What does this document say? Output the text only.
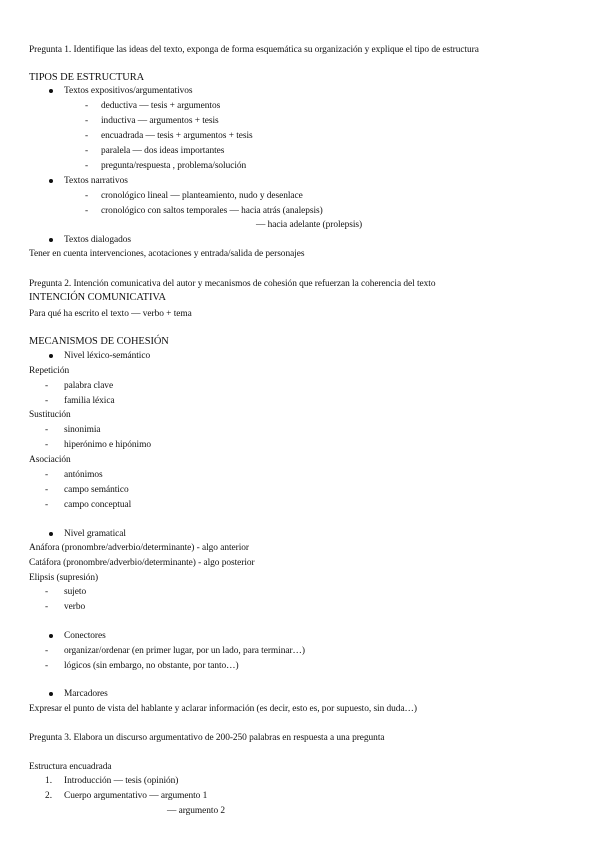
Pregunta 1. Identifique las ideas del texto, exponga de forma esquemática su organización y explique el tipo de estructura
TIPOS DE ESTRUCTURA
Textos expositivos/argumentativos
- deductiva — tesis + argumentos
- inductiva — argumentos + tesis
- encuadrada — tesis + argumentos + tesis
- paralela — dos ideas importantes
- pregunta/respuesta , problema/solución
Textos narrativos
- cronológico lineal — planteamiento, nudo y desenlace
- cronológico con saltos temporales — hacia atrás (analepsis)
— hacia adelante (prolepsis)
Textos dialogados
Tener en cuenta intervenciones, acotaciones y entrada/salida de personajes
Pregunta 2. Intención comunicativa del autor y mecanismos de cohesión que refuerzan la coherencia del texto
INTENCIÓN COMUNICATIVA
Para qué ha escrito el texto — verbo + tema
MECANISMOS DE COHESIÓN
Nivel léxico-semántico
Repetición
- palabra clave
- familia léxica
Sustitución
- sinonimia
- hiperónimo e hipónimo
Asociación
- antónimos
- campo semántico
- campo conceptual
Nivel gramatical
Anáfora (pronombre/adverbio/determinante) - algo anterior
Catáfora (pronombre/adverbio/determinante) - algo posterior
Elipsis (supresión)
- sujeto
- verbo
Conectores
- organizar/ordenar (en primer lugar, por un lado, para terminar…)
- lógicos (sin embargo, no obstante, por tanto…)
Marcadores
Expresar el punto de vista del hablante y aclarar información (es decir, esto es, por supuesto, sin duda…)
Pregunta 3. Elabora un discurso argumentativo de 200-250 palabras en respuesta a una pregunta
Estructura encuadrada
1. Introducción — tesis (opinión)
2. Cuerpo argumentativo — argumento 1
— argumento 2
